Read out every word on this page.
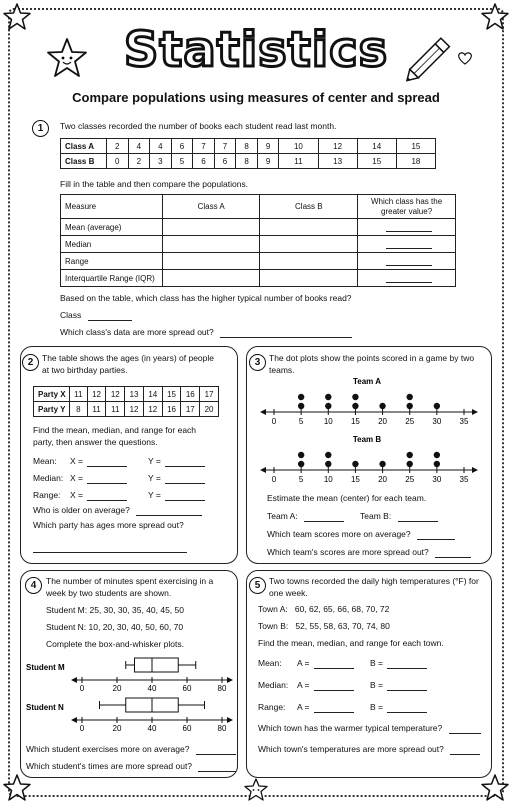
Statistics
Compare populations using measures of center and spread
1	Two classes recorded the number of books each student read last month.
Class A	2	4	4	6	7	7	8	9	10	12	14	15
Class B	0	2	3	5	6	6	8	9	11	13	15	18
Fill in the table and then compare the populations.
Measure	Class A	Class B	Which class has the greater value?
Mean (average)			
Median			
Range			
Interquartile Range (IQR)			
Based on the table, which class has the higher typical number of books read?
Class
Which class's data are more spread out?
2	The table shows the ages (in years) of people at two birthday parties.
Party X	11	12	12	13	14	15	16	17
Party Y	8	11	11	12	12	16	17	20
Find the mean, median, and range for each party, then answer the questions.
Mean: X =	Y =
Median: X =	Y =
Range: X =	Y =
Who is older on average?
Which party has ages more spread out?
3	The dot plots show the points scored in a game by two teams.
Team A
0	5	10 15 20 25 30 35
Team B
0	5	10 15 20 25 30 35
Estimate the mean (center) for each team.
Team A:	Team B:
Which team scores more on average?
Which team's scores are more spread out?
4	The number of minutes spent exercising in a week by two students are shown.
Student M: 25, 30, 30, 35, 40, 45, 50
Student N: 10, 20, 30, 40, 50, 60, 70
Complete the box-and-whisker plots.
Student M
0	20	40	60	80
Student N
0	20	40	60	80
Which student exercises more on average?
Which student's times are more spread out?
5	Two towns recorded the daily high temperatures (°F) for one week.
Town A:   60, 62, 65, 66, 68, 70, 72
Town B:   52, 55, 58, 63, 70, 74, 80
Find the mean, median, and range for each town.
Mean: A =	B =
Median: A =	B =
Range: A =	B =
Which town has the warmer typical temperature?
Which town's temperatures are more spread out?
